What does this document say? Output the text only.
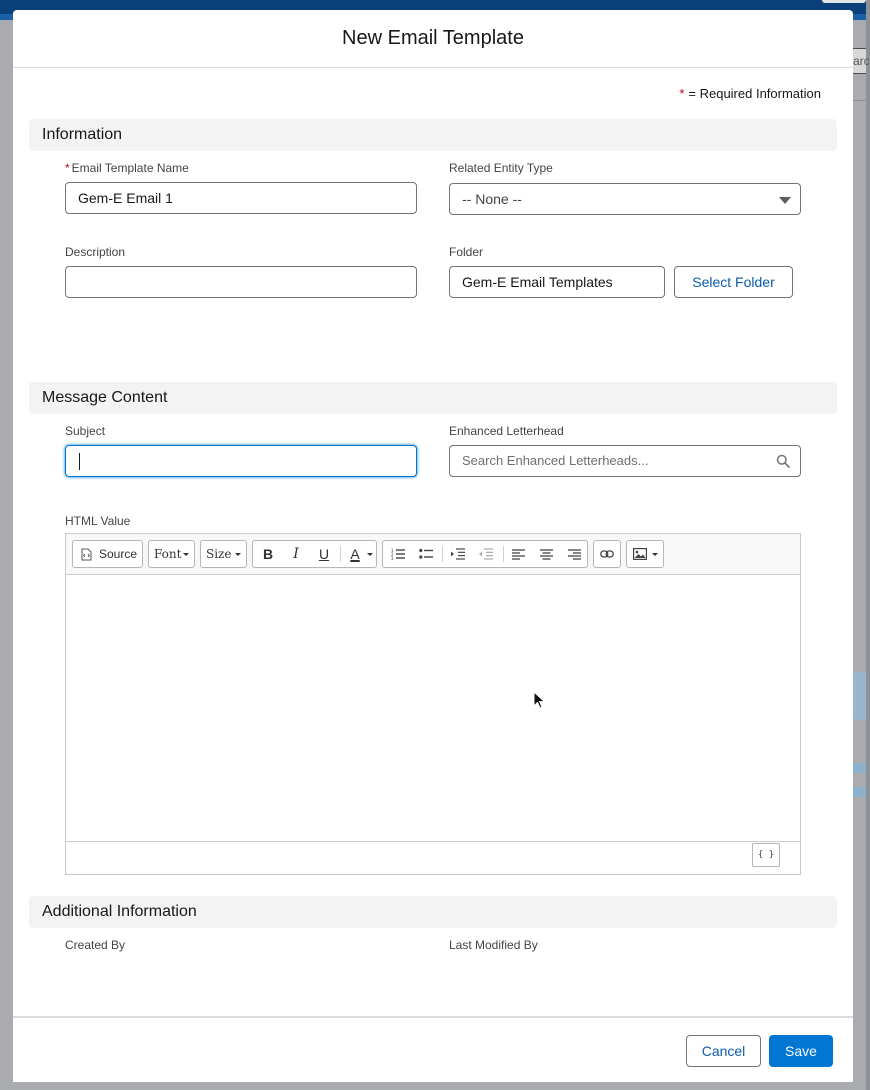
arc
New Email Template
* = Required Information
Information
* Email Template Name
Gem-E Email 1
Related Entity Type
-- None --
Description	Folder
Gem-E Email Templates	Select Folder
Message Content
Subject	Enhanced Letterhead
Search Enhanced Letterheads...
HTML Value
Source	Font	Size	B	I	U	A	1
2
3
{ }
Additional Information
Created By	Last Modified By
Cancel	Save
